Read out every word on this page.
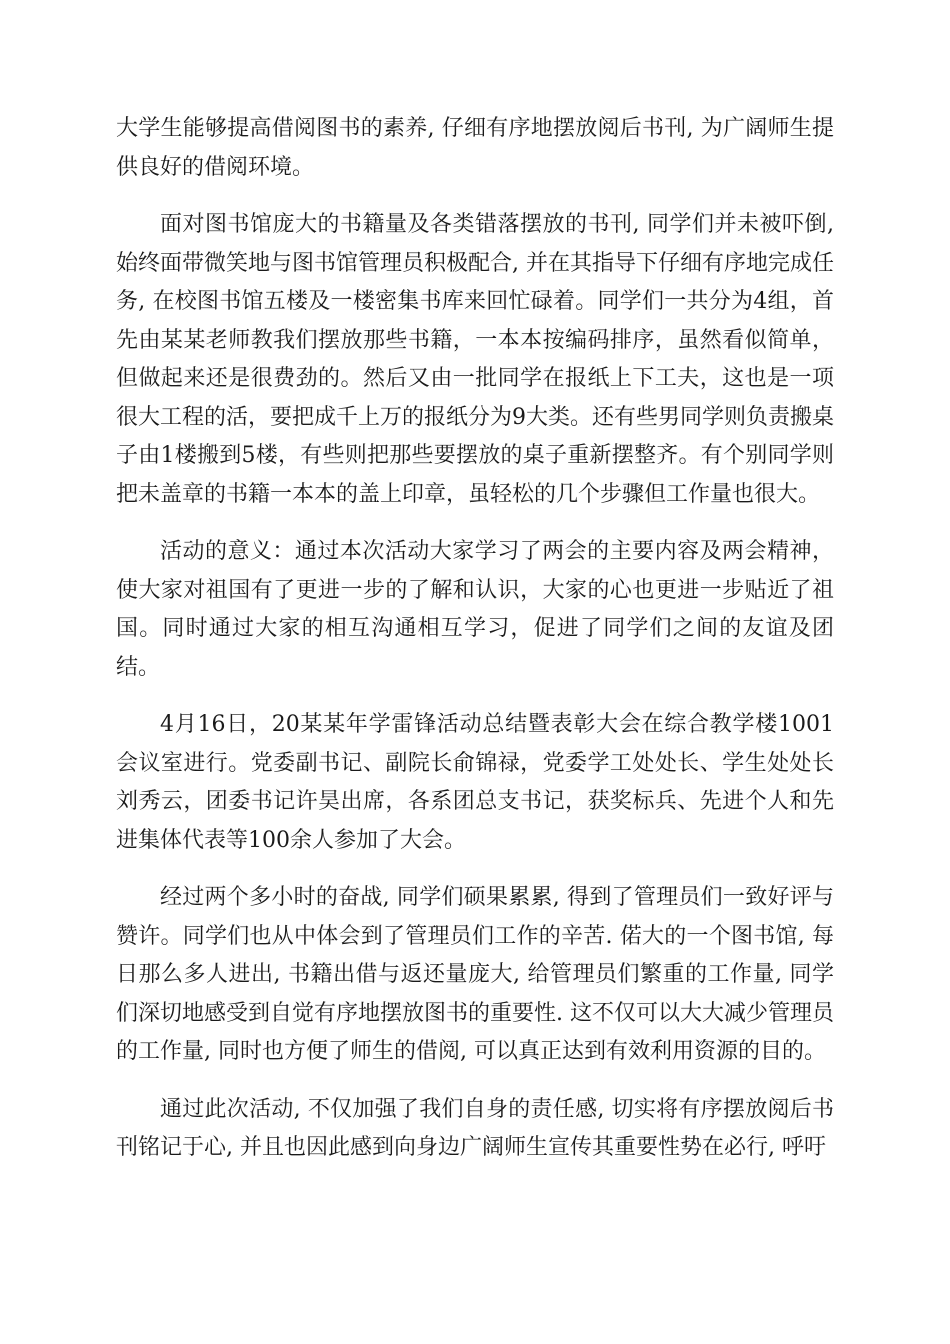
大学生能够提高借阅图书的素养, 仔细有序地摆放阅后书刊, 为广阔师生提供良好的借阅环境。

面对图书馆庞大的书籍量及各类错落摆放的书刊, 同学们并未被吓倒, 始终面带微笑地与图书馆管理员积极配合, 并在其指导下仔细有序地完成任务, 在校图书馆五楼及一楼密集书库来回忙碌着。同学们一共分为4组，首先由某某老师教我们摆放那些书籍，一本本按编码排序，虽然看似简单，但做起来还是很费劲的。然后又由一批同学在报纸上下工夫，这也是一项很大工程的活，要把成千上万的报纸分为9大类。还有些男同学则负责搬桌子由1楼搬到5楼，有些则把那些要摆放的桌子重新摆整齐。有个别同学则把未盖章的书籍一本本的盖上印章，虽轻松的几个步骤但工作量也很大。

活动的意义：通过本次活动大家学习了两会的主要内容及两会精神，使大家对祖国有了更进一步的了解和认识，大家的心也更进一步贴近了祖国。同时通过大家的相互沟通相互学习，促进了同学们之间的友谊及团结。

4月16日，20某某年学雷锋活动总结暨表彰大会在综合教学楼1001会议室进行。党委副书记、副院长俞锦禄，党委学工处处长、学生处处长刘秀云，团委书记许昊出席，各系团总支书记，获奖标兵、先进个人和先进集体代表等100余人参加了大会。

经过两个多小时的奋战, 同学们硕果累累, 得到了管理员们一致好评与赞许。同学们也从中体会到了管理员们工作的辛苦. 偌大的一个图书馆, 每日那么多人进出, 书籍出借与返还量庞大, 给管理员们繁重的工作量, 同学们深切地感受到自觉有序地摆放图书的重要性. 这不仅可以大大减少管理员的工作量, 同时也方便了师生的借阅, 可以真正达到有效利用资源的目的。

通过此次活动, 不仅加强了我们自身的责任感, 切实将有序摆放阅后书刊铭记于心, 并且也因此感到向身边广阔师生宣传其重要性势在必行, 呼吁
